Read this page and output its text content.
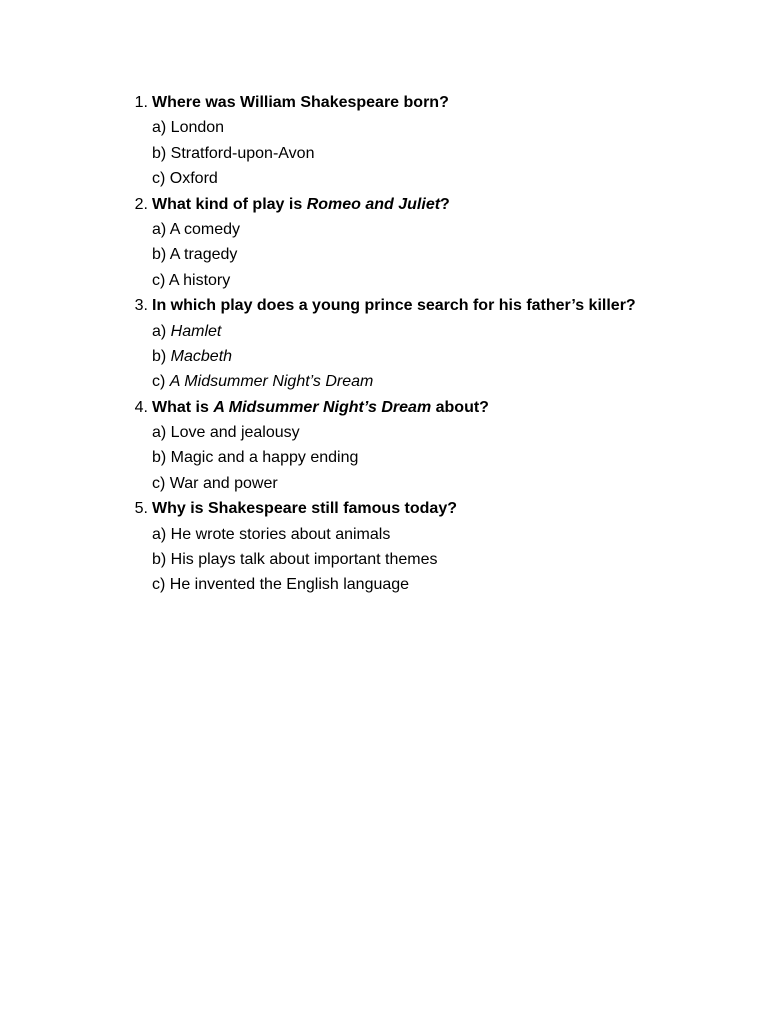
1. Where was William Shakespeare born?
a) London
b) Stratford-upon-Avon
c) Oxford
2. What kind of play is Romeo and Juliet?
a) A comedy
b) A tragedy
c) A history
3. In which play does a young prince search for his father’s killer?
a) Hamlet
b) Macbeth
c) A Midsummer Night’s Dream
4. What is A Midsummer Night’s Dream about?
a) Love and jealousy
b) Magic and a happy ending
c) War and power
5. Why is Shakespeare still famous today?
a) He wrote stories about animals
b) His plays talk about important themes
c) He invented the English language
